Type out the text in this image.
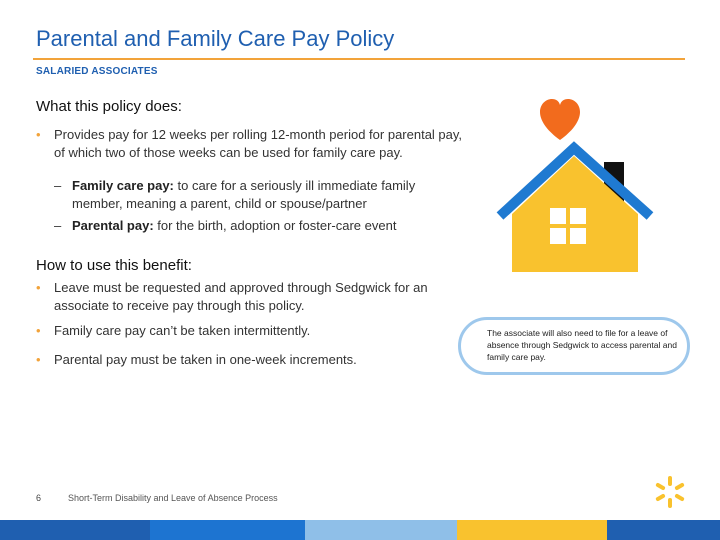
Parental and Family Care Pay Policy
SALARIED ASSOCIATES
What this policy does:
• Provides pay for 12 weeks per rolling 12-month period for parental pay, of which two of those weeks can be used for family care pay.
– Family care pay: to care for a seriously ill immediate family member, meaning a parent, child or spouse/partner
– Parental pay: for the birth, adoption or foster-care event
How to use this benefit:
• Leave must be requested and approved through Sedgwick for an associate to receive pay through this policy.
• Family care pay can’t be taken intermittently.
• Parental pay must be taken in one-week increments.
The associate will also need to file for a leave of absence through Sedgwick to access parental and family care pay.
6	Short-Term Disability and Leave of Absence Process
